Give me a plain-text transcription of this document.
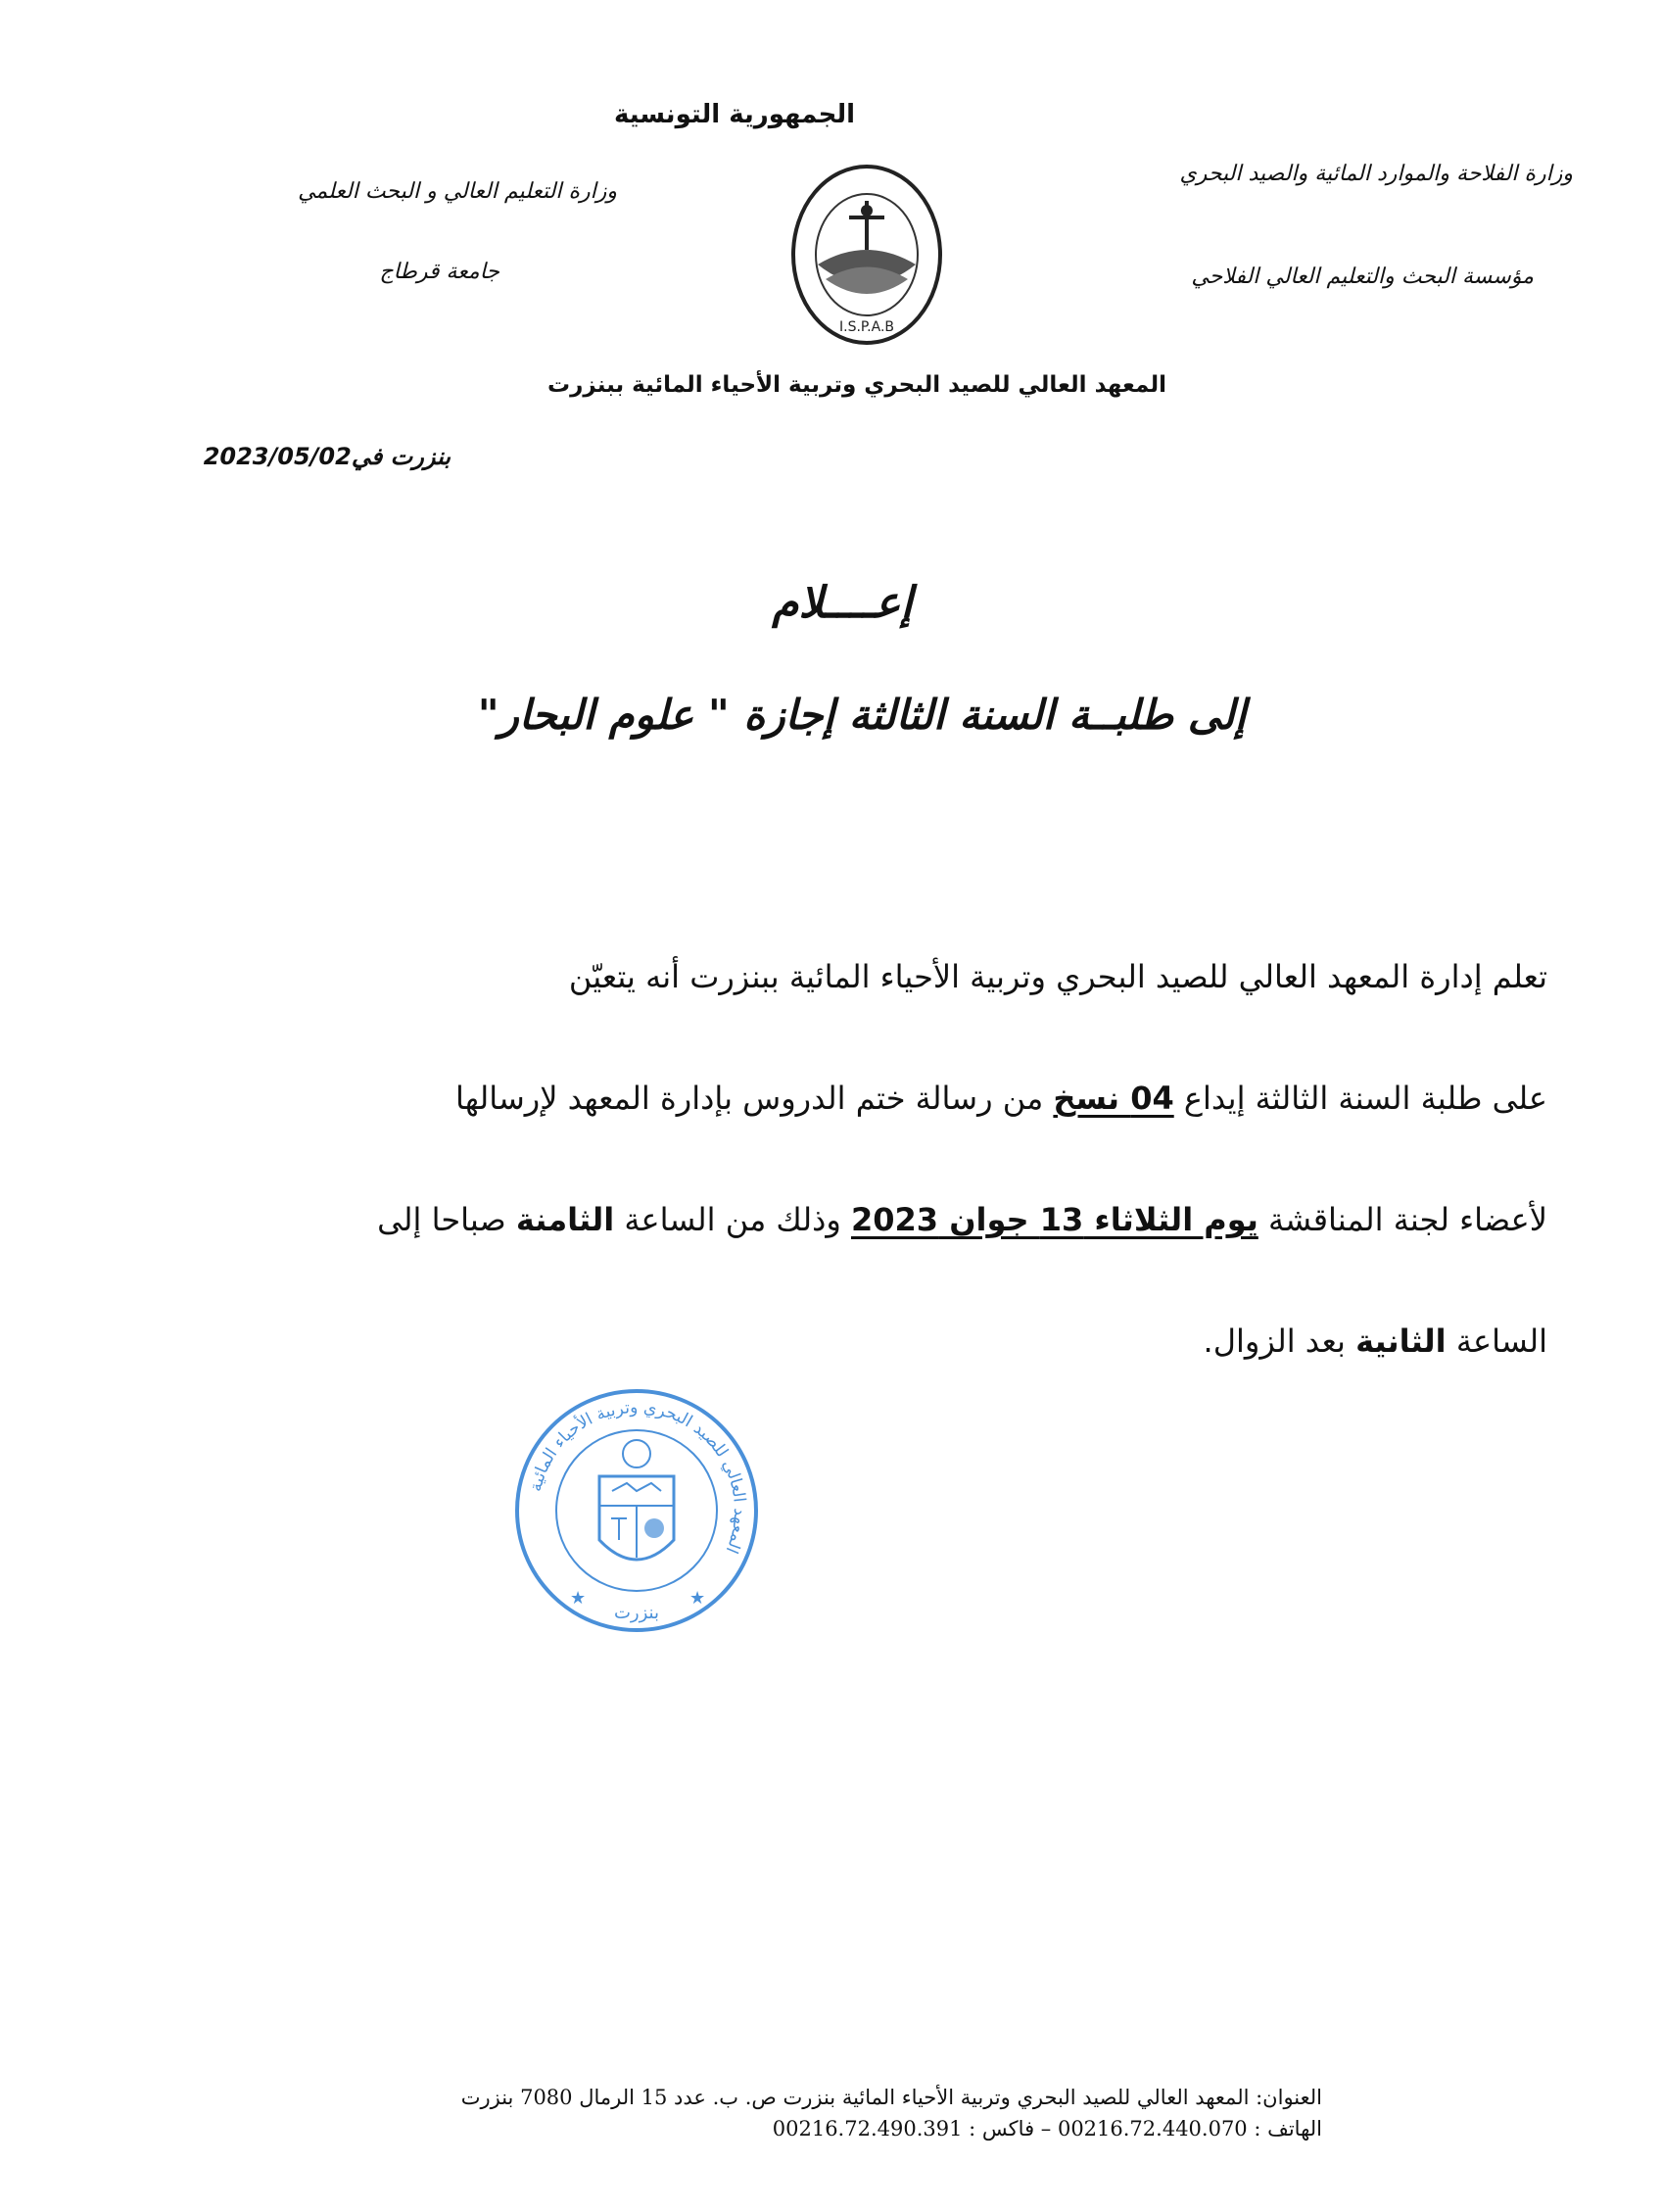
الجمهورية التونسية
وزارة الفلاحة والموارد المائية والصيد البحري
مؤسسة البحث والتعليم العالي الفلاحي
وزارة التعليم العالي و البحث العلمي
جامعة قرطاج
I.S.P.A.B
المعهد العالي للصيد البحري وتربية الأحياء المائية ببنزرت
بنزرت في2023/05/02
إعــــلام
إلى طلبــة السنة الثالثة إجازة " علوم البحار"
تعلم إدارة المعهد العالي للصيد البحري وتربية الأحياء المائية ببنزرت أنه يتعيّن
على طلبة السنة الثالثة إيداع 04 نسخ من رسالة ختم الدروس بإدارة المعهد لإرسالها
لأعضاء لجنة المناقشة يوم الثلاثاء 13 جوان 2023 وذلك من الساعة الثامنة صباحا إلى
الساعة الثانية بعد الزوال.
المعهد العالي للصيد البحري وتربية الأحياء المائية
بنزرت
★	★
العنوان: المعهد العالي للصيد البحري وتربية الأحياء المائية بنزرت ص. ب. عدد 15 الرمال 7080 بنزرت
الهاتف : 00216.72.440.070 – فاكس : 00216.72.490.391
